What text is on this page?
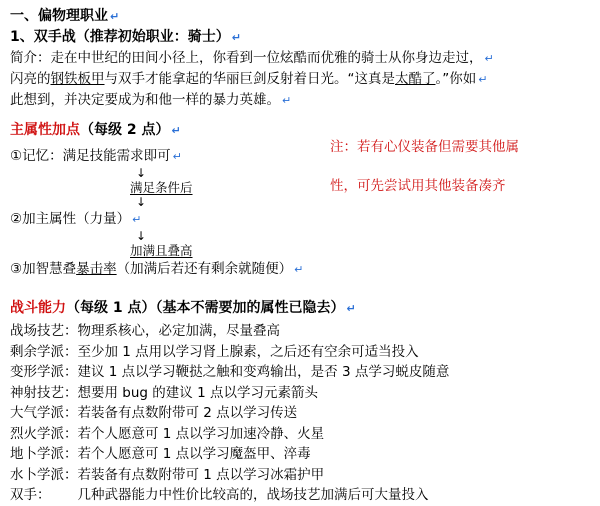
一、偏物理职业 ↵
1、双手战（推荐初始职业：骑士） ↵
简介：走在中世纪的田间小径上，你看到一位炫酷而优雅的骑士从你身边走过， ↵
闪亮的钢铁板甲与双手才能拿起的华丽巨剑反射着日光。“这真是太酷了。”你如 ↵
此想到，并决定要成为和他一样的暴力英雄。 ↵
主属性加点（每级 2 点） ↵
①记忆：满足技能需求即可 ↵
↓
满足条件后
↓
②加主属性（力量） ↵
↓
加满且叠高
③加智慧叠暴击率（加满后若还有剩余就随便） ↵
战斗能力（每级 1 点）（基本不需要加的属性已隐去） ↵
战场技艺：	物理系核心，必定加满，尽量叠高
剩余学派：	至少加 1 点用以学习肾上腺素，之后还有空余可适当投入
变形学派：	建议 1 点以学习鞭挞之触和变鸡输出，是否 3 点学习蜕皮随意
神射技艺：	想要用 bug 的建议 1 点以学习元素箭头
大气学派：	若装备有点数附带可 2 点以学习传送
烈火学派：	若个人愿意可 1 点以学习加速冷静、火星
地卜学派：	若个人愿意可 1 点以学习魔盔甲、淬毒
水卜学派：	若装备有点数附带可 1 点以学习冰霜护甲
双手：	几种武器能力中性价比较高的，战场技艺加满后可大量投入
注：若有心仪装备但需要其他属
性，可先尝试用其他装备凑齐
